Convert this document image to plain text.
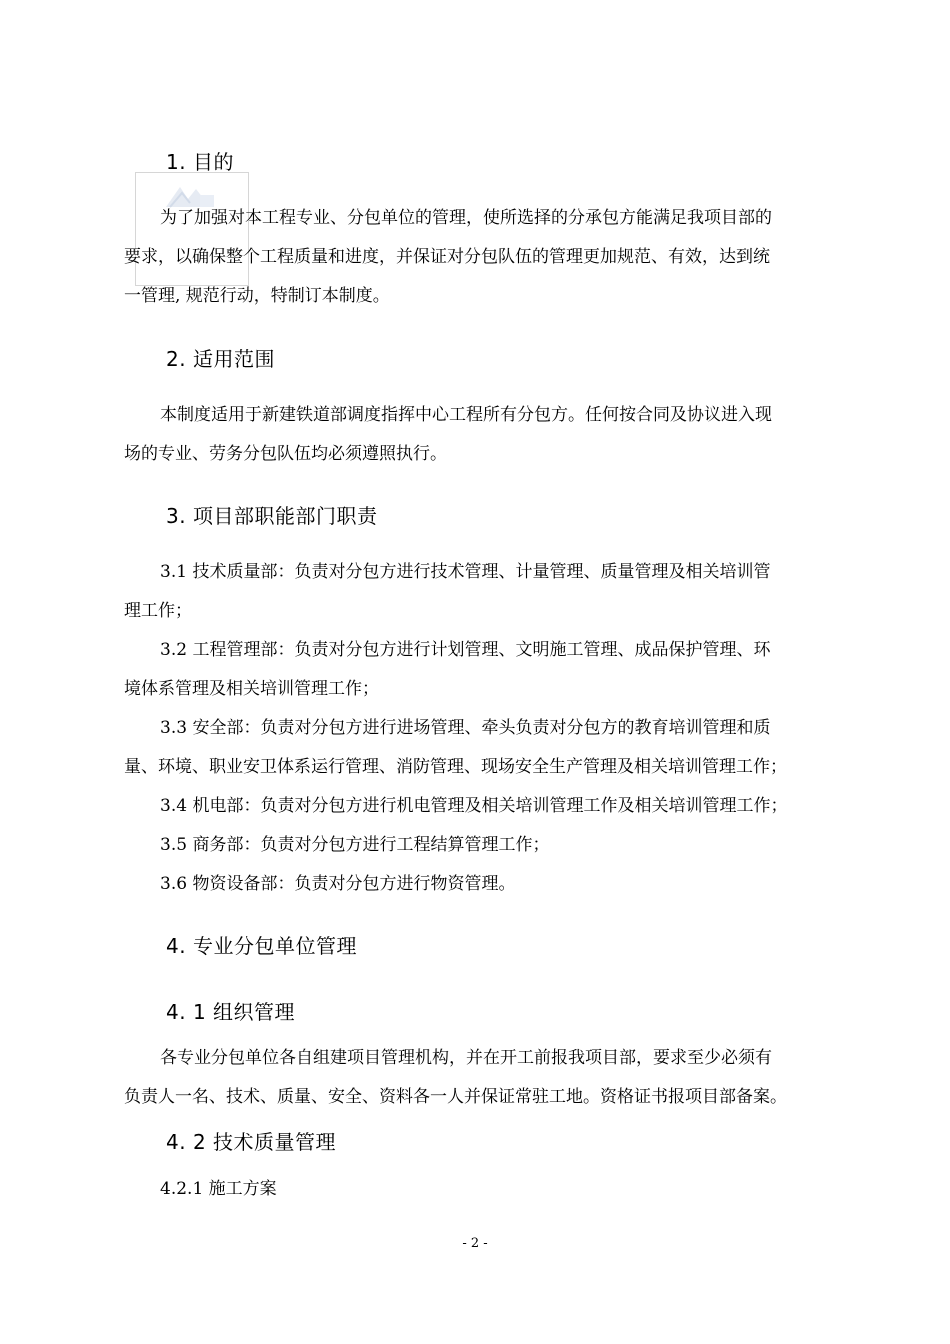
1. 目的
为了加强对本工程专业、分包单位的管理，使所选择的分承包方能满足我项目部的
要求，以确保整个工程质量和进度，并保证对分包队伍的管理更加规范、有效，达到统
一管理, 规范行动，特制订本制度。
2. 适用范围
本制度适用于新建铁道部调度指挥中心工程所有分包方。任何按合同及协议进入现
场的专业、劳务分包队伍均必须遵照执行。
3. 项目部职能部门职责
3.1 技术质量部：负责对分包方进行技术管理、计量管理、质量管理及相关培训管
理工作；
3.2 工程管理部：负责对分包方进行计划管理、文明施工管理、成品保护管理、环
境体系管理及相关培训管理工作；
3.3 安全部：负责对分包方进行进场管理、牵头负责对分包方的教育培训管理和质
量、环境、职业安卫体系运行管理、消防管理、现场安全生产管理及相关培训管理工作；
3.4 机电部：负责对分包方进行机电管理及相关培训管理工作及相关培训管理工作；
3.5 商务部：负责对分包方进行工程结算管理工作；
3.6 物资设备部：负责对分包方进行物资管理。
4. 专业分包单位管理
4. 1 组织管理
各专业分包单位各自组建项目管理机构，并在开工前报我项目部，要求至少必须有
负责人一名、技术、质量、安全、资料各一人并保证常驻工地。资格证书报项目部备案。
4. 2 技术质量管理
4.2.1 施工方案
- 2 -
